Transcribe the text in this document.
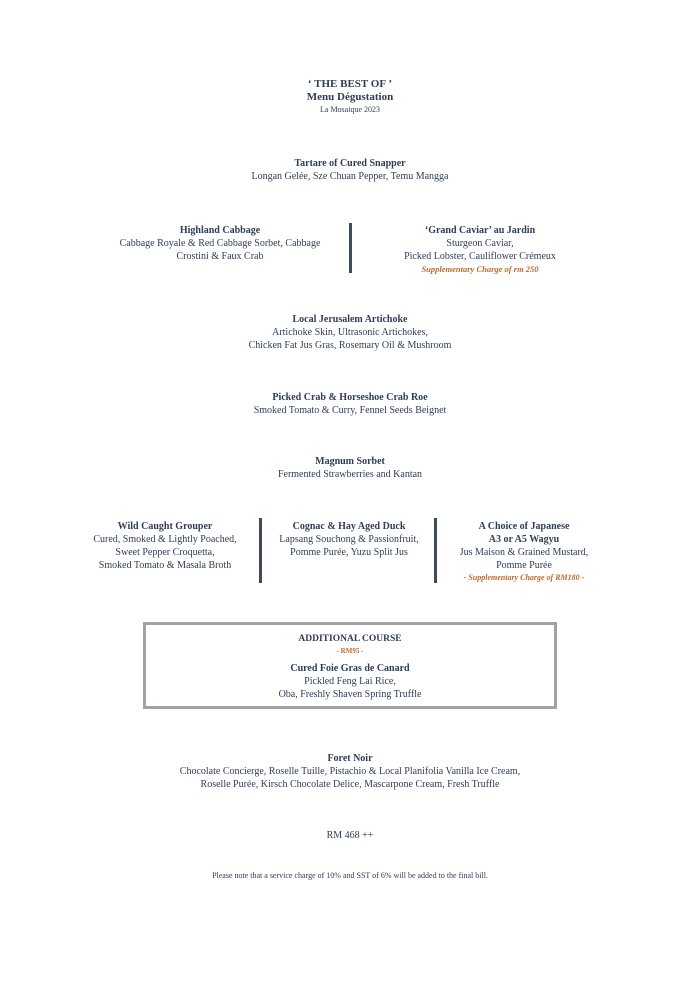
‘ THE BEST OF ’
Menu Dégustation
La Mosaique 2023
Tartare of Cured Snapper
Longan Gelée, Sze Chuan Pepper, Temu Mangga
Highland Cabbage
Cabbage Royale & Red Cabbage Sorbet, Cabbage
Crostini & Faux Crab
‘Grand Caviar’ au Jardin
Sturgeon Caviar,
Picked Lobster, Cauliflower Crémeux
Supplementary Charge of rm 250
Local Jerusalem Artichoke
Artichoke Skin, Ultrasonic Artichokes,
Chicken Fat Jus Gras, Rosemary Oil & Mushroom
Picked Crab & Horseshoe Crab Roe
Smoked Tomato & Curry, Fennel Seeds Beignet
Magnum Sorbet
Fermented Strawberries and Kantan
Wild Caught Grouper
Cured, Smoked & Lightly Poached,
Sweet Pepper Croquetta,
Smoked Tomato & Masala Broth
Cognac & Hay Aged Duck
Lapsang Souchong & Passionfruit,
Pomme Purée, Yuzu Split Jus
A Choice of Japanese
A3 or A5 Wagyu
Jus Maison & Grained Mustard,
Pomme Purée
- Supplementary Charge of RM180 -
ADDITIONAL COURSE
- RM95 -
Cured Foie Gras de Canard
Pickled Feng Lai Rice,
Oba, Freshly Shaven Spring Truffle
Foret Noir
Chocolate Concierge, Roselle Tuille, Pistachio & Local Planifolia Vanilla Ice Cream,
Roselle Purée, Kirsch Chocolate Delice, Mascarpone Cream, Fresh Truffle
RM 468 ++
Please note that a service charge of 10% and SST of 6% will be added to the final bill.
